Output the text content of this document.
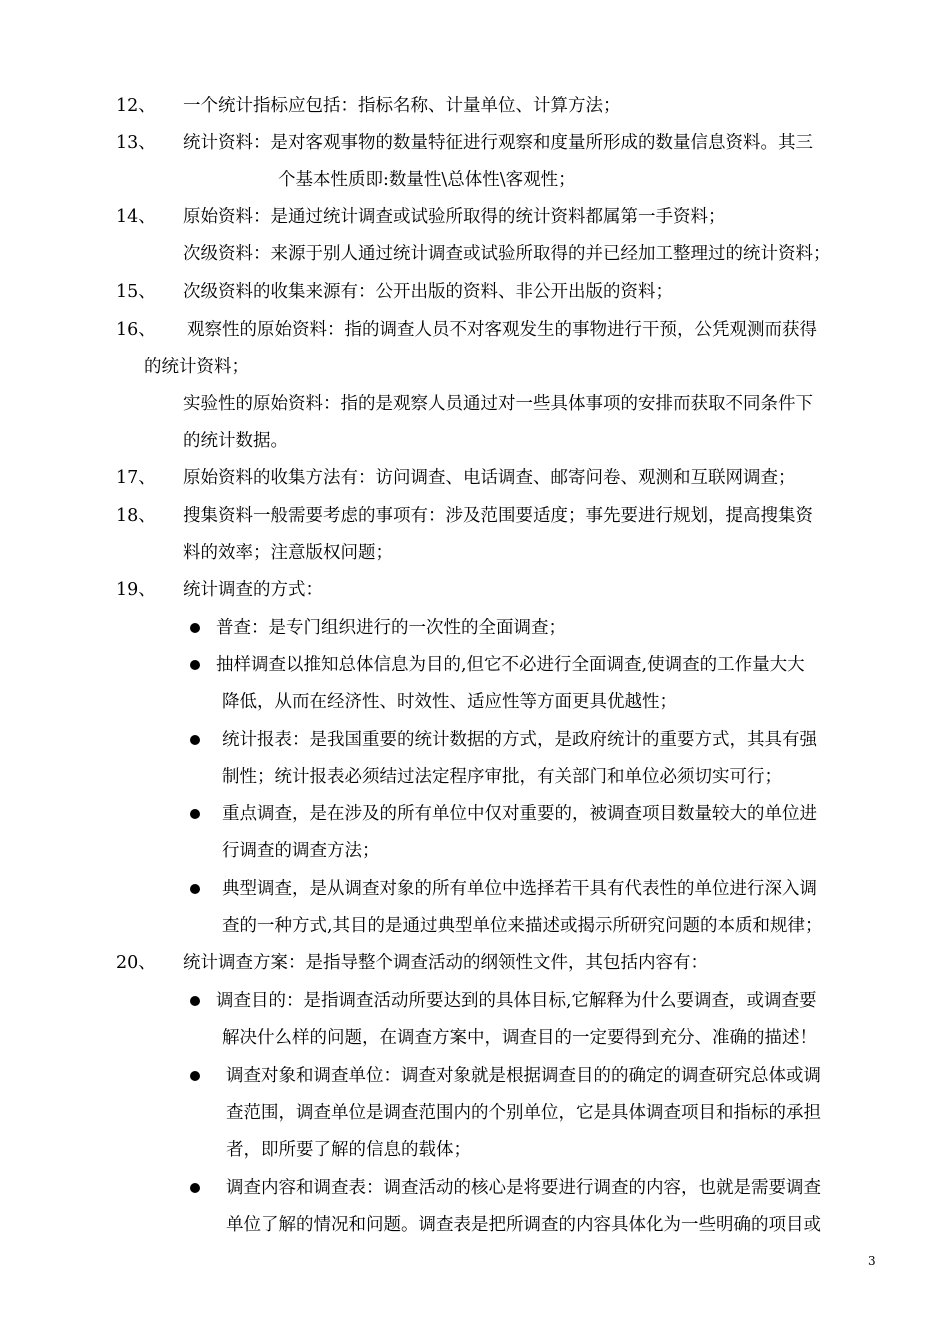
12、 一个统计指标应包括：指标名称、计量单位、计算方法；
13、 统计资料：是对客观事物的数量特征进行观察和度量所形成的数量信息资料。其三
个基本性质即:数量性\总体性\客观性；
14、 原始资料：是通过统计调查或试验所取得的统计资料都属第一手资料；
次级资料：来源于别人通过统计调查或试验所取得的并已经加工整理过的统计资料；
15、 次级资料的收集来源有：公开出版的资料、非公开出版的资料；
16、 观察性的原始资料：指的调查人员不对客观发生的事物进行干预，公凭观测而获得
的统计资料；
实验性的原始资料：指的是观察人员通过对一些具体事项的安排而获取不同条件下
的统计数据。
17、 原始资料的收集方法有：访问调查、电话调查、邮寄问卷、观测和互联网调查；
18、 搜集资料一般需要考虑的事项有：涉及范围要适度；事先要进行规划，提高搜集资
料的效率；注意版权问题；
19、 统计调查的方式：
普查：是专门组织进行的一次性的全面调查；
抽样调查以推知总体信息为目的,但它不必进行全面调查,使调查的工作量大大
降低，从而在经济性、时效性、适应性等方面更具优越性；
统计报表：是我国重要的统计数据的方式，是政府统计的重要方式，其具有强
制性；统计报表必须结过法定程序审批，有关部门和单位必须切实可行；
重点调查，是在涉及的所有单位中仅对重要的，被调查项目数量较大的单位进
行调查的调查方法；
典型调查，是从调查对象的所有单位中选择若干具有代表性的单位进行深入调
查的一种方式,其目的是通过典型单位来描述或揭示所研究问题的本质和规律；
20、 统计调查方案：是指导整个调查活动的纲领性文件，其包括内容有：
调查目的：是指调查活动所要达到的具体目标,它解释为什么要调查，或调查要
解决什么样的问题，在调查方案中，调查目的一定要得到充分、准确的描述！
调查对象和调查单位：调查对象就是根据调查目的的确定的调查研究总体或调
查范围，调查单位是调查范围内的个别单位，它是具体调查项目和指标的承担
者，即所要了解的信息的载体；
调查内容和调查表：调查活动的核心是将要进行调查的内容，也就是需要调查
单位了解的情况和问题。调查表是把所调查的内容具体化为一些明确的项目或
3
